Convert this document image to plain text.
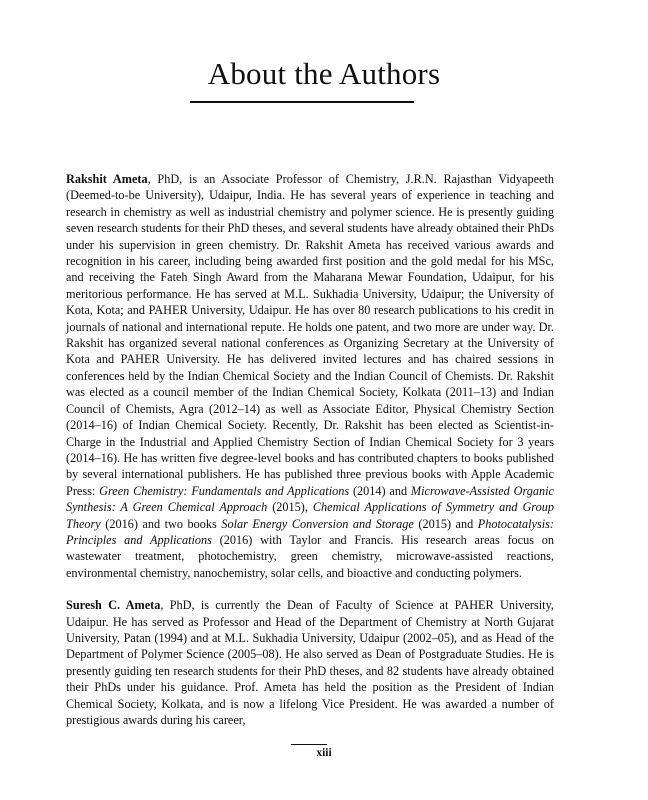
About the Authors

Rakshit Ameta, PhD, is an Associate Professor of Chemistry, J.R.N. Rajasthan Vidyapeeth (Deemed-to-be University), Udaipur, India. He has several years of experience in teaching and research in chemistry as well as industrial chemistry and polymer science. He is presently guiding seven research students for their PhD theses, and several students have already obtained their PhDs under his supervision in green chemistry. Dr. Rakshit Ameta has received various awards and recognition in his career, including being awarded first position and the gold medal for his MSc, and receiving the Fateh Singh Award from the Maharana Mewar Foundation, Udaipur, for his meritorious performance. He has served at M.L. Sukhadia University, Udaipur; the University of Kota, Kota; and PAHER University, Udaipur. He has over 80 research publications to his credit in journals of national and international repute. He holds one patent, and two more are under way. Dr. Rakshit has organized several national conferences as Organizing Secretary at the University of Kota and PAHER University. He has delivered invited lectures and has chaired sessions in conferences held by the Indian Chemical Society and the Indian Council of Chemists. Dr. Rakshit was elected as a council member of the Indian Chemical Society, Kolkata (2011–13) and Indian Council of Chemists, Agra (2012–14) as well as Associate Editor, Physical Chemistry Section (2014–16) of Indian Chemical Society. Recently, Dr. Rakshit has been elected as Scientist-in-Charge in the Industrial and Applied Chemistry Section of Indian Chemical Society for 3 years (2014–16). He has written five degree-level books and has contributed chapters to books published by several international publishers. He has published three previous books with Apple Academic Press: Green Chemistry: Fundamentals and Applications (2014) and Microwave-Assisted Organic Synthesis: A Green Chemical Approach (2015), Chemical Applications of Symmetry and Group Theory (2016) and two books Solar Energy Conversion and Storage (2015) and Photocatalysis: Principles and Applications (2016) with Taylor and Francis. His research areas focus on wastewater treatment, photochemistry, green chemistry, microwave-assisted reactions, environmental chemistry, nanochemistry, solar cells, and bioactive and conducting polymers.

Suresh C. Ameta, PhD, is currently the Dean of Faculty of Science at PAHER University, Udaipur. He has served as Professor and Head of the Department of Chemistry at North Gujarat University, Patan (1994) and at M.L. Sukhadia University, Udaipur (2002–05), and as Head of the Department of Polymer Science (2005–08). He also served as Dean of Postgraduate Studies. He is presently guiding ten research students for their PhD theses, and 82 students have already obtained their PhDs under his guidance. Prof. Ameta has held the position as the President of Indian Chemical Society, Kolkata, and is now a lifelong Vice President. He was awarded a number of prestigious awards during his career,

xiii
